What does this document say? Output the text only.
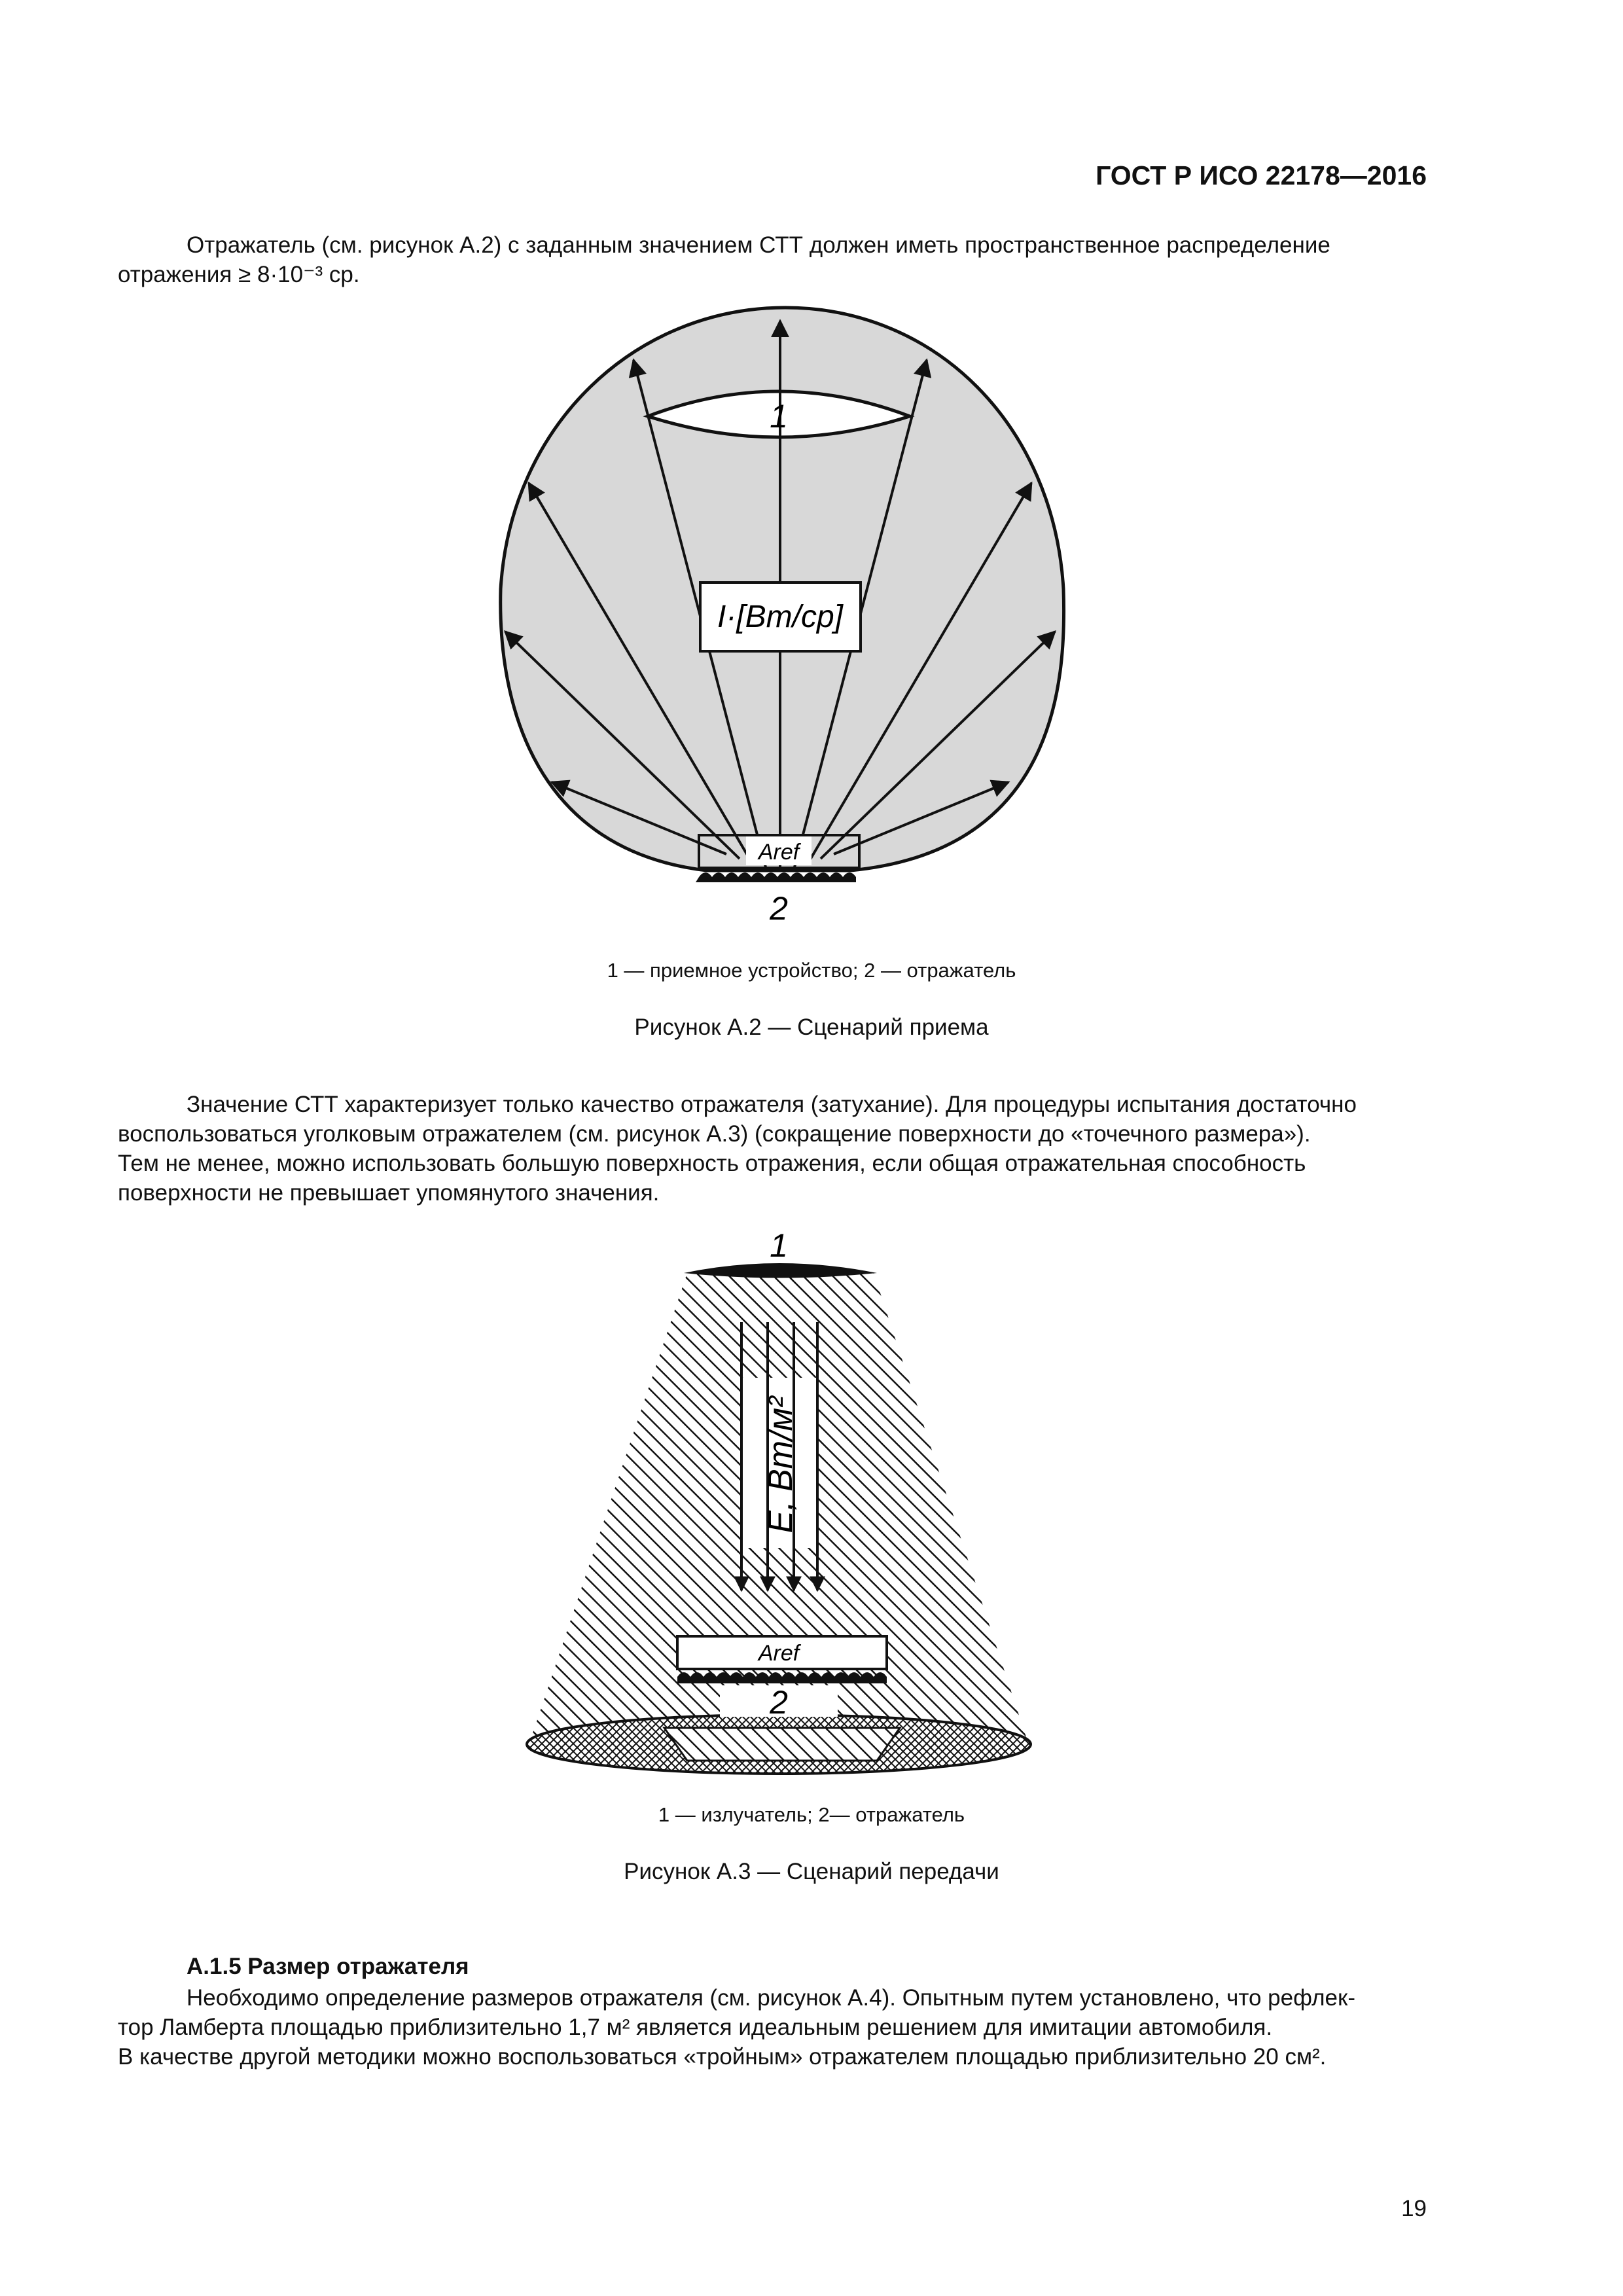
ГОСТ Р ИСО 22178—2016
Отражатель (см. рисунок А.2) с заданным значением СТТ должен иметь пространственное распределение
отражения ≥ 8·10⁻³ ср.
I·[Вт/ср]
Aref
1
2
1 — приемное устройство; 2 — отражатель
Рисунок А.2 — Сценарий приема
Значение СТТ характеризует только качество отражателя (затухание). Для процедуры испытания достаточно
воспользоваться уголковым отражателем (см. рисунок А.3) (сокращение поверхности до «точечного размера»).
Тем не менее, можно использовать большую поверхность отражения, если общая отражательная способность
поверхности не превышает упомянутого значения.
E, Вт/м²
Aref
2
1
1 — излучатель; 2— отражатель
Рисунок А.3 — Сценарий передачи
А.1.5 Размер отражателя
Необходимо определение размеров отражателя (см. рисунок А.4). Опытным путем установлено, что рефлек-
тор Ламберта площадью приблизительно 1,7 м² является идеальным решением для имитации автомобиля.
В качестве другой методики можно воспользоваться «тройным» отражателем площадью приблизительно 20 см².
19
